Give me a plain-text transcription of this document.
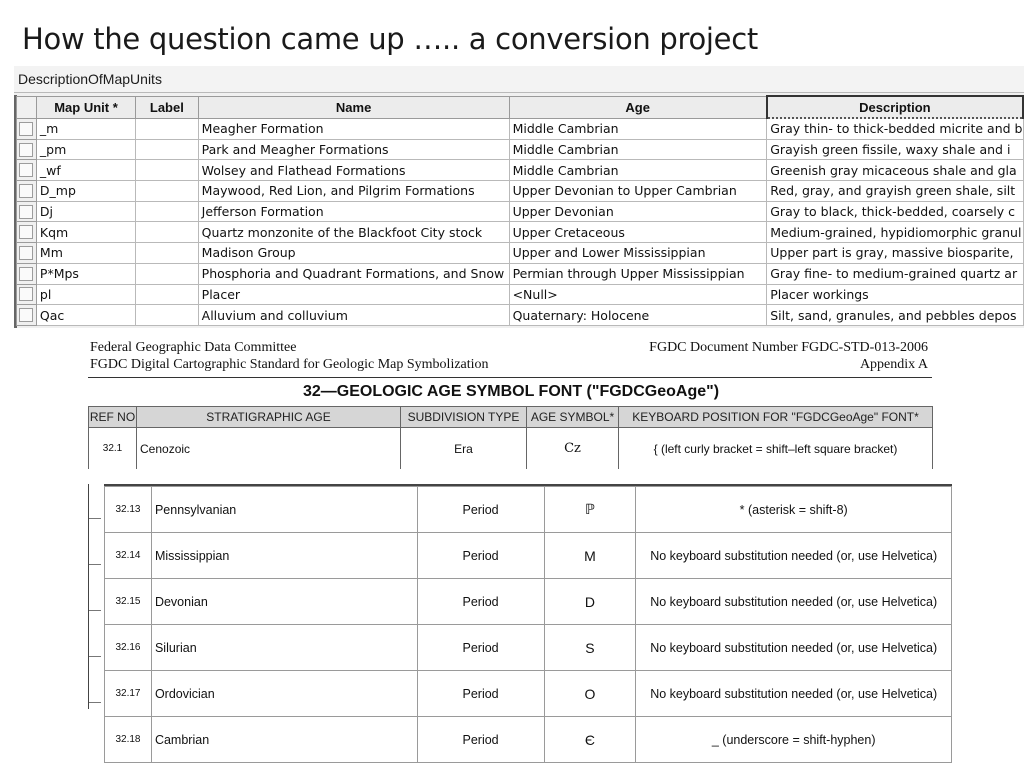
How the question came up ….. a conversion project
DescriptionOfMapUnits
	Map Unit *	Label	Name	Age	Description

	_m		Meagher Formation	Middle Cambrian	Gray thin- to thick-bedded micrite and b

	_pm		Park and Meagher Formations	Middle Cambrian	Grayish green fissile, waxy shale and i

	_wf		Wolsey and Flathead Formations	Middle Cambrian	Greenish gray micaceous shale and gla

	D_mp		Maywood, Red Lion, and Pilgrim Formations	Upper Devonian to Upper Cambrian	Red, gray, and grayish green shale, silt

	Dj		Jefferson Formation	Upper Devonian	Gray to black, thick-bedded, coarsely c

	Kqm		Quartz monzonite of the Blackfoot City stock	Upper Cretaceous	Medium-grained, hypidiomorphic granul

	Mm		Madison Group	Upper and Lower Mississippian	Upper part is gray, massive biosparite,

	P*Mps		Phosphoria and Quadrant Formations, and Snow	Permian through Upper Mississippian	Gray fine- to medium-grained quartz ar

	pl		Placer	<Null>	Placer workings

	Qac		Alluvium and colluvium	Quaternary: Holocene	Silt, sand, granules, and pebbles depos
Federal Geographic Data Committee
FGDC Digital Cartographic Standard for Geologic Map Symbolization
FGDC Document Number FGDC-STD-013-2006
Appendix A
32—GEOLOGIC AGE SYMBOL FONT ("FGDCGeoAge")
REF NO	STRATIGRAPHIC AGE	SUBDIVISION TYPE	AGE SYMBOL*	KEYBOARD POSITION FOR "FGDCGeoAge" FONT*
32.1	Cenozoic	Era	Cz	{ (left curly bracket = shift–left square bracket)
32.13	Pennsylvanian	Period	ℙ	* (asterisk = shift-8)
32.14	Mississippian	Period	M	No keyboard substitution needed (or, use Helvetica)
32.15	Devonian	Period	D	No keyboard substitution needed (or, use Helvetica)
32.16	Silurian	Period	S	No keyboard substitution needed (or, use Helvetica)
32.17	Ordovician	Period	O	No keyboard substitution needed (or, use Helvetica)
32.18	Cambrian	Period	Є	_ (underscore = shift-hyphen)
